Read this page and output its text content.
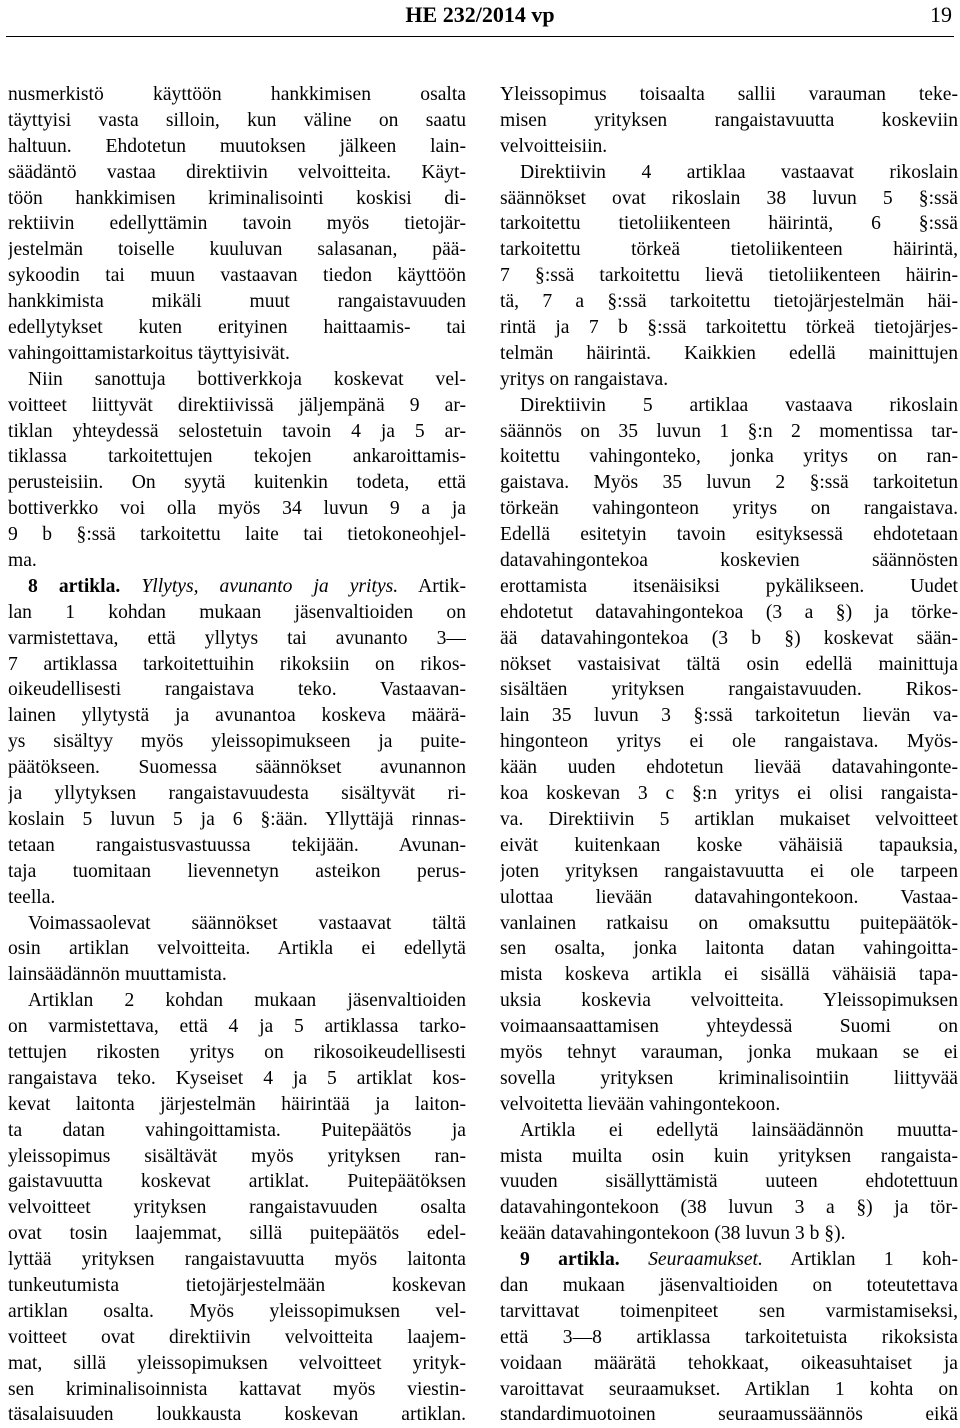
HE 232/2014 vp	19
nusmerkistö käyttöön hankkimisen osalta
täyttyisi vasta silloin, kun väline on saatu
haltuun. Ehdotetun muutoksen jälkeen lain-
säädäntö vastaa direktiivin velvoitteita. Käyt-
töön hankkimisen kriminalisointi koskisi di-
rektiivin edellyttämin tavoin myös tietojär-
jestelmän toiselle kuuluvan salasanan, pää-
sykoodin tai muun vastaavan tiedon käyttöön
hankkimista mikäli muut rangaistavuuden
edellytykset kuten erityinen haittaamis- tai
vahingoittamistarkoitus täyttyisivät.
Niin sanottuja bottiverkkoja koskevat vel-
voitteet liittyvät direktiivissä jäljempänä 9 ar-
tiklan yhteydessä selostetuin tavoin 4 ja 5 ar-
tiklassa tarkoitettujen tekojen ankaroittamis-
perusteisiin. On syytä kuitenkin todeta, että
bottiverkko voi olla myös 34 luvun 9 a ja
9 b §:ssä tarkoitettu laite tai tietokoneohjel-
ma.
8 artikla. Yllytys, avunanto ja yritys. Artik-
lan 1 kohdan mukaan jäsenvaltioiden on
varmistettava, että yllytys tai avunanto 3—
7 artiklassa tarkoitettuihin rikoksiin on rikos-
oikeudellisesti rangaistava teko. Vastaavan-
lainen yllytystä ja avunantoa koskeva määrä-
ys sisältyy myös yleissopimukseen ja puite-
päätökseen. Suomessa säännökset avunannon
ja yllytyksen rangaistavuudesta sisältyvät ri-
koslain 5 luvun 5 ja 6 §:ään. Yllyttäjä rinnas-
tetaan rangaistusvastuussa tekijään. Avunan-
taja tuomitaan lievennetyn asteikon perus-
teella.
Voimassaolevat säännökset vastaavat tältä
osin artiklan velvoitteita. Artikla ei edellytä
lainsäädännön muuttamista.
Artiklan 2 kohdan mukaan jäsenvaltioiden
on varmistettava, että 4 ja 5 artiklassa tarko-
tettujen rikosten yritys on rikosoikeudellisesti
rangaistava teko. Kyseiset 4 ja 5 artiklat kos-
kevat laitonta järjestelmän häirintää ja laiton-
ta datan vahingoittamista. Puitepäätös ja
yleissopimus sisältävät myös yrityksen ran-
gaistavuutta koskevat artiklat. Puitepäätöksen
velvoitteet yrityksen rangaistavuuden osalta
ovat tosin laajemmat, sillä puitepäätös edel-
lyttää yrityksen rangaistavuutta myös laitonta
tunkeutumista tietojärjestelmään koskevan
artiklan osalta. Myös yleissopimuksen vel-
voitteet ovat direktiivin velvoitteita laajem-
mat, sillä yleissopimuksen velvoitteet yrityk-
sen kriminalisoinnista kattavat myös viestin-
täsalaisuuden loukkausta koskevan artiklan.
Yleissopimus toisaalta sallii varauman teke-
misen yrityksen rangaistavuutta koskeviin
velvoitteisiin.
Direktiivin 4 artiklaa vastaavat rikoslain
säännökset ovat rikoslain 38 luvun 5 §:ssä
tarkoitettu tietoliikenteen häirintä, 6 §:ssä
tarkoitettu törkeä tietoliikenteen häirintä,
7 §:ssä tarkoitettu lievä tietoliikenteen häirin-
tä, 7 a §:ssä tarkoitettu tietojärjestelmän häi-
rintä ja 7 b §:ssä tarkoitettu törkeä tietojärjes-
telmän häirintä. Kaikkien edellä mainittujen
yritys on rangaistava.
Direktiivin 5 artiklaa vastaava rikoslain
säännös on 35 luvun 1 §:n 2 momentissa tar-
koitettu vahingonteko, jonka yritys on ran-
gaistava. Myös 35 luvun 2 §:ssä tarkoitetun
törkeän vahingonteon yritys on rangaistava.
Edellä esitetyin tavoin esityksessä ehdotetaan
datavahingontekoa koskevien säännösten
erottamista itsenäisiksi pykälikseen. Uudet
ehdotetut datavahingontekoa (3 a §) ja törke-
ää datavahingontekoa (3 b §) koskevat sään-
nökset vastaisivat tältä osin edellä mainittuja
sisältäen yrityksen rangaistavuuden. Rikos-
lain 35 luvun 3 §:ssä tarkoitetun lievän va-
hingonteon yritys ei ole rangaistava. Myös-
kään uuden ehdotetun lievää datavahingonte-
koa koskevan 3 c §:n yritys ei olisi rangaista-
va. Direktiivin 5 artiklan mukaiset velvoitteet
eivät kuitenkaan koske vähäisiä tapauksia,
joten yrityksen rangaistavuutta ei ole tarpeen
ulottaa lievään datavahingontekoon. Vastaa-
vanlainen ratkaisu on omaksuttu puitepäätök-
sen osalta, jonka laitonta datan vahingoitta-
mista koskeva artikla ei sisällä vähäisiä tapa-
uksia koskevia velvoitteita. Yleissopimuksen
voimaansaattamisen yhteydessä Suomi on
myös tehnyt varauman, jonka mukaan se ei
sovella yrityksen kriminalisointiin liittyvää
velvoitetta lievään vahingontekoon.
Artikla ei edellytä lainsäädännön muutta-
mista muilta osin kuin yrityksen rangaista-
vuuden sisällyttämistä uuteen ehdotettuun
datavahingontekoon (38 luvun 3 a §) ja tör-
keään datavahingontekoon (38 luvun 3 b §).
9 artikla. Seuraamukset. Artiklan 1 koh-
dan mukaan jäsenvaltioiden on toteutettava
tarvittavat toimenpiteet sen varmistamiseksi,
että 3—8 artiklassa tarkoitetuista rikoksista
voidaan määrätä tehokkaat, oikeasuhtaiset ja
varoittavat seuraamukset. Artiklan 1 kohta on
standardimuotoinen seuraamussäännös eikä
